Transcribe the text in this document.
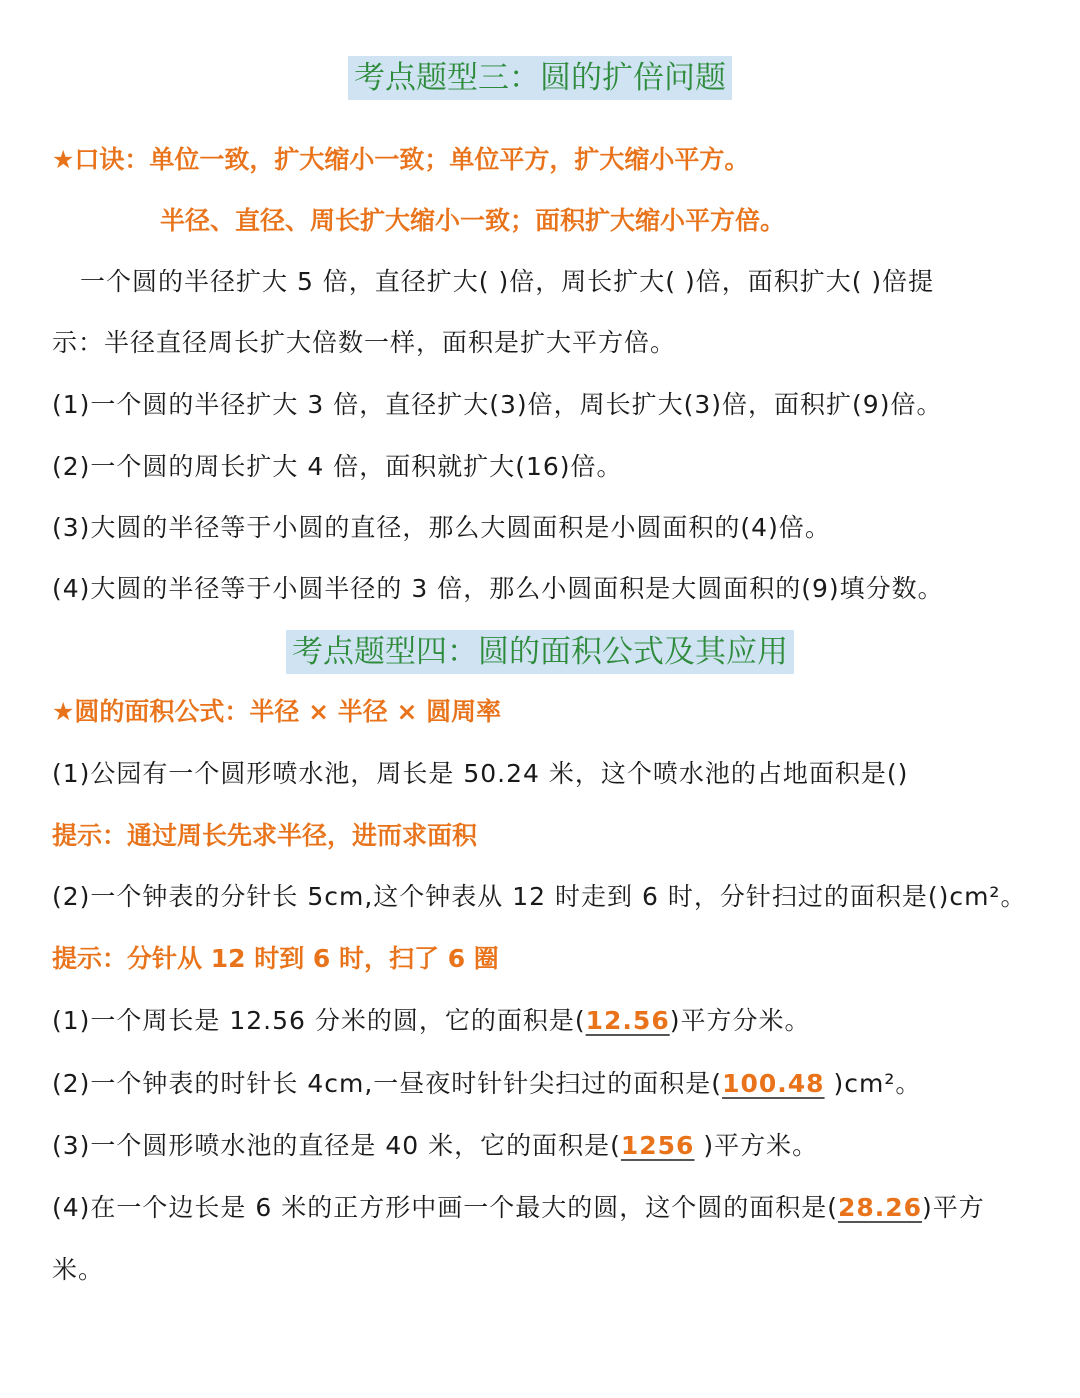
考点题型三：圆的扩倍问题
★口诀：单位一致，扩大缩小一致；单位平方，扩大缩小平方。
半径、直径、周长扩大缩小一致；面积扩大缩小平方倍。
一个圆的半径扩大 5 倍，直径扩大( )倍，周长扩大( )倍，面积扩大( )倍提
示：半径直径周长扩大倍数一样，面积是扩大平方倍。
(1)一个圆的半径扩大 3 倍，直径扩大(3)倍，周长扩大(3)倍，面积扩(9)倍。
(2)一个圆的周长扩大 4 倍，面积就扩大(16)倍。
(3)大圆的半径等于小圆的直径，那么大圆面积是小圆面积的(4)倍。
(4)大圆的半径等于小圆半径的 3 倍，那么小圆面积是大圆面积的(9)填分数。
考点题型四：圆的面积公式及其应用
★圆的面积公式：半径 × 半径 × 圆周率
(1)公园有一个圆形喷水池，周长是 50.24 米，这个喷水池的占地面积是()
提示：通过周长先求半径，进而求面积
(2)一个钟表的分针长 5cm,这个钟表从 12 时走到 6 时，分针扫过的面积是()cm²。
提示：分针从 12 时到 6 时，扫了 6 圈
(1)一个周长是 12.56 分米的圆，它的面积是(12.56)平方分米。
(2)一个钟表的时针长 4cm,一昼夜时针针尖扫过的面积是(100.48 )cm²。
(3)一个圆形喷水池的直径是 40 米，它的面积是(1256 )平方米。
(4)在一个边长是 6 米的正方形中画一个最大的圆，这个圆的面积是(28.26)平方
米。
